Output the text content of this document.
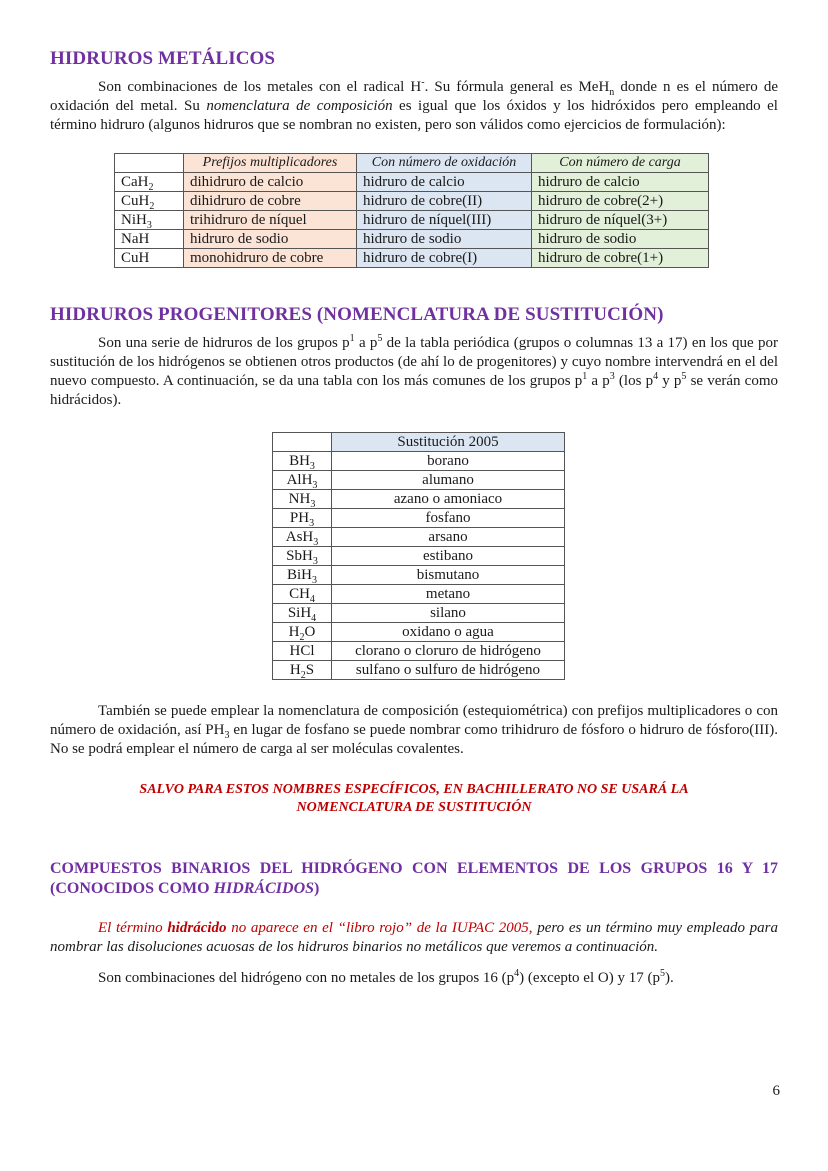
HIDRUROS METÁLICOS

Son combinaciones de los metales con el radical H-. Su fórmula general es MeH$_n$ donde n es el número de oxidación del metal. Su nomenclatura de composición es igual que los óxidos y los hidróxidos pero empleando el término hidruro (algunos hidruros que se nombran no existen, pero son válidos como ejercicios de formulación):

	Prefijos multiplicadores	Con número de oxidación	Con número de carga
CaH$_2$	dihidruro de calcio	hidruro de calcio	hidruro de calcio
CuH$_2$	dihidruro de cobre	hidruro de cobre(II)	hidruro de cobre(2+)
NiH$_3$	trihidruro de níquel	hidruro de níquel(III)	hidruro de níquel(3+)
NaH	hidruro de sodio	hidruro de sodio	hidruro de sodio
CuH	monohidruro de cobre	hidruro de cobre(I)	hidruro de cobre(1+)
HIDRUROS PROGENITORES (NOMENCLATURA DE SUSTITUCIÓN)

Son una serie de hidruros de los grupos $p^1$ a $p^5$ de la tabla periódica (grupos o columnas 13 a 17) en los que por sustitución de los hidrógenos se obtienen otros productos (de ahí lo de progenitores) y cuyo nombre intervendrá en el del nuevo compuesto. A continuación, se da una tabla con los más comunes de los grupos $p^1$ a $p^3$ (los $p^4$ y $p^5$ se verán como hidrácidos).

	Sustitución 2005
$BH_3$	borano
AlH$_3$	alumano
$NH_3$	azano o amoniaco
$PH_3$	fosfano
AsH$_3$	arsano
SbH$_3$	estibano
BiH$_3$	bismutano
$CH_4$	metano
SiH$_4$	silano
$H_2O$	oxidano o agua
HCl	clorano o cloruro de hidrógeno
$H_2S$	sulfano o sulfuro de hidrógeno

También se puede emplear la nomenclatura de composición (estequiométrica) con prefijos multiplicadores o con número de oxidación, así $PH_3$ en lugar de fosfano se puede nombrar como trihidruro de fósforo o hidruro de fósforo(III). No se podrá emplear el número de carga al ser moléculas covalentes.

SALVO PARA ESTOS NOMBRES ESPECÍFICOS, EN BACHILLERATO NO SE USARÁ LA

NOMENCLATURA DE SUSTITUCIÓN

COMPUESTOS BINARIOS DEL HIDRÓGENO CON ELEMENTOS DE LOS GRUPOS 16 Y 17 (CONOCIDOS COMO HIDRÁCIDOS)

El término hidrácido no aparece en el “libro rojo” de la IUPAC 2005, pero es un término muy empleado para nombrar las disoluciones acuosas de los hidruros binarios no metálicos que veremos a continuación.

Son combinaciones del hidrógeno con no metales de los grupos 16 $(p^4)$ (excepto el O) y 17 $(p^5)$.

6
